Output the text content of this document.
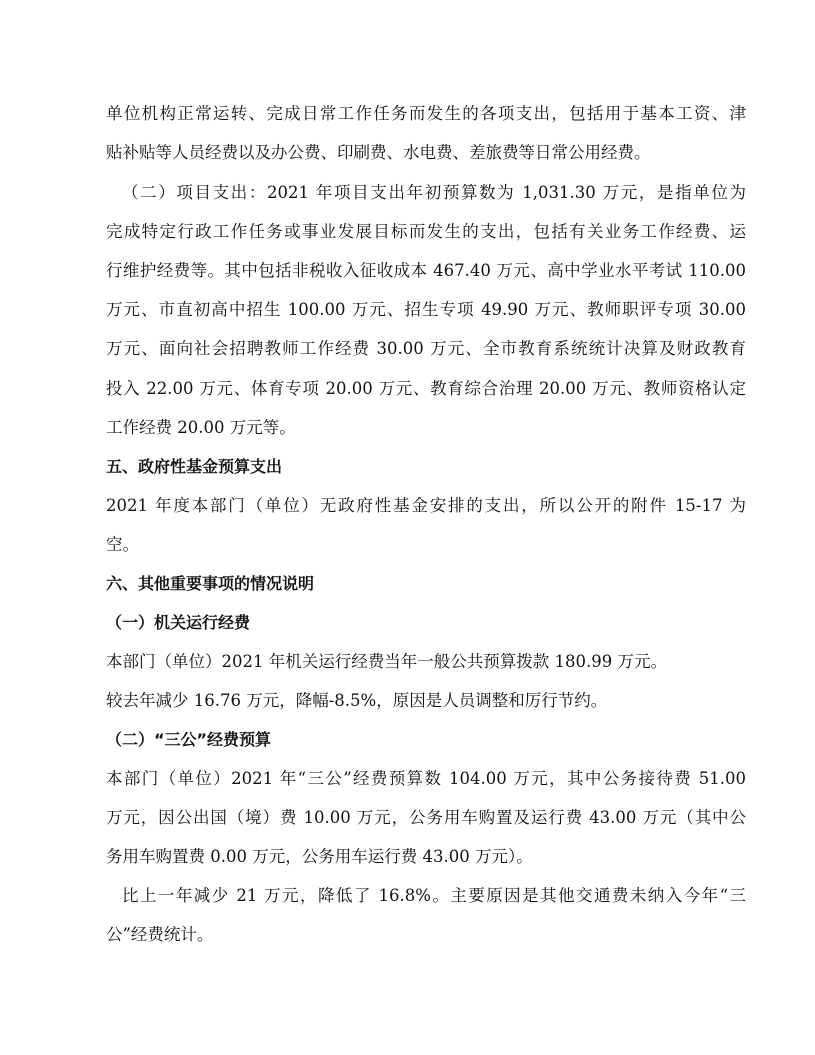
单位机构正常运转、完成日常工作任务而发生的各项支出，包括用于基本工资、津
贴补贴等人员经费以及办公费、印刷费、水电费、差旅费等日常公用经费。
（二）项目支出：2021 年项目支出年初预算数为 1,031.30 万元，是指单位为
完成特定行政工作任务或事业发展目标而发生的支出，包括有关业务工作经费、运
行维护经费等。其中包括非税收入征收成本 467.40 万元、高中学业水平考试 110.00
万元、市直初高中招生 100.00 万元、招生专项 49.90 万元、教师职评专项 30.00
万元、面向社会招聘教师工作经费 30.00 万元、全市教育系统统计决算及财政教育
投入 22.00 万元、体育专项 20.00 万元、教育综合治理 20.00 万元、教师资格认定
工作经费 20.00 万元等。
五、政府性基金预算支出
2021 年度本部门（单位）无政府性基金安排的支出，所以公开的附件 15-17 为
空。
六、其他重要事项的情况说明
（一）机关运行经费
本部门（单位）2021 年机关运行经费当年一般公共预算拨款 180.99 万元。
较去年减少 16.76 万元，降幅-8.5%，原因是人员调整和厉行节约。
（二）“三公”经费预算
本部门（单位）2021 年“三公”经费预算数 104.00 万元，其中公务接待费 51.00
万元，因公出国（境）费 10.00 万元，公务用车购置及运行费 43.00 万元（其中公
务用车购置费 0.00 万元，公务用车运行费 43.00 万元）。
比上一年减少 21 万元，降低了 16.8%。主要原因是其他交通费未纳入今年“三
公”经费统计。
